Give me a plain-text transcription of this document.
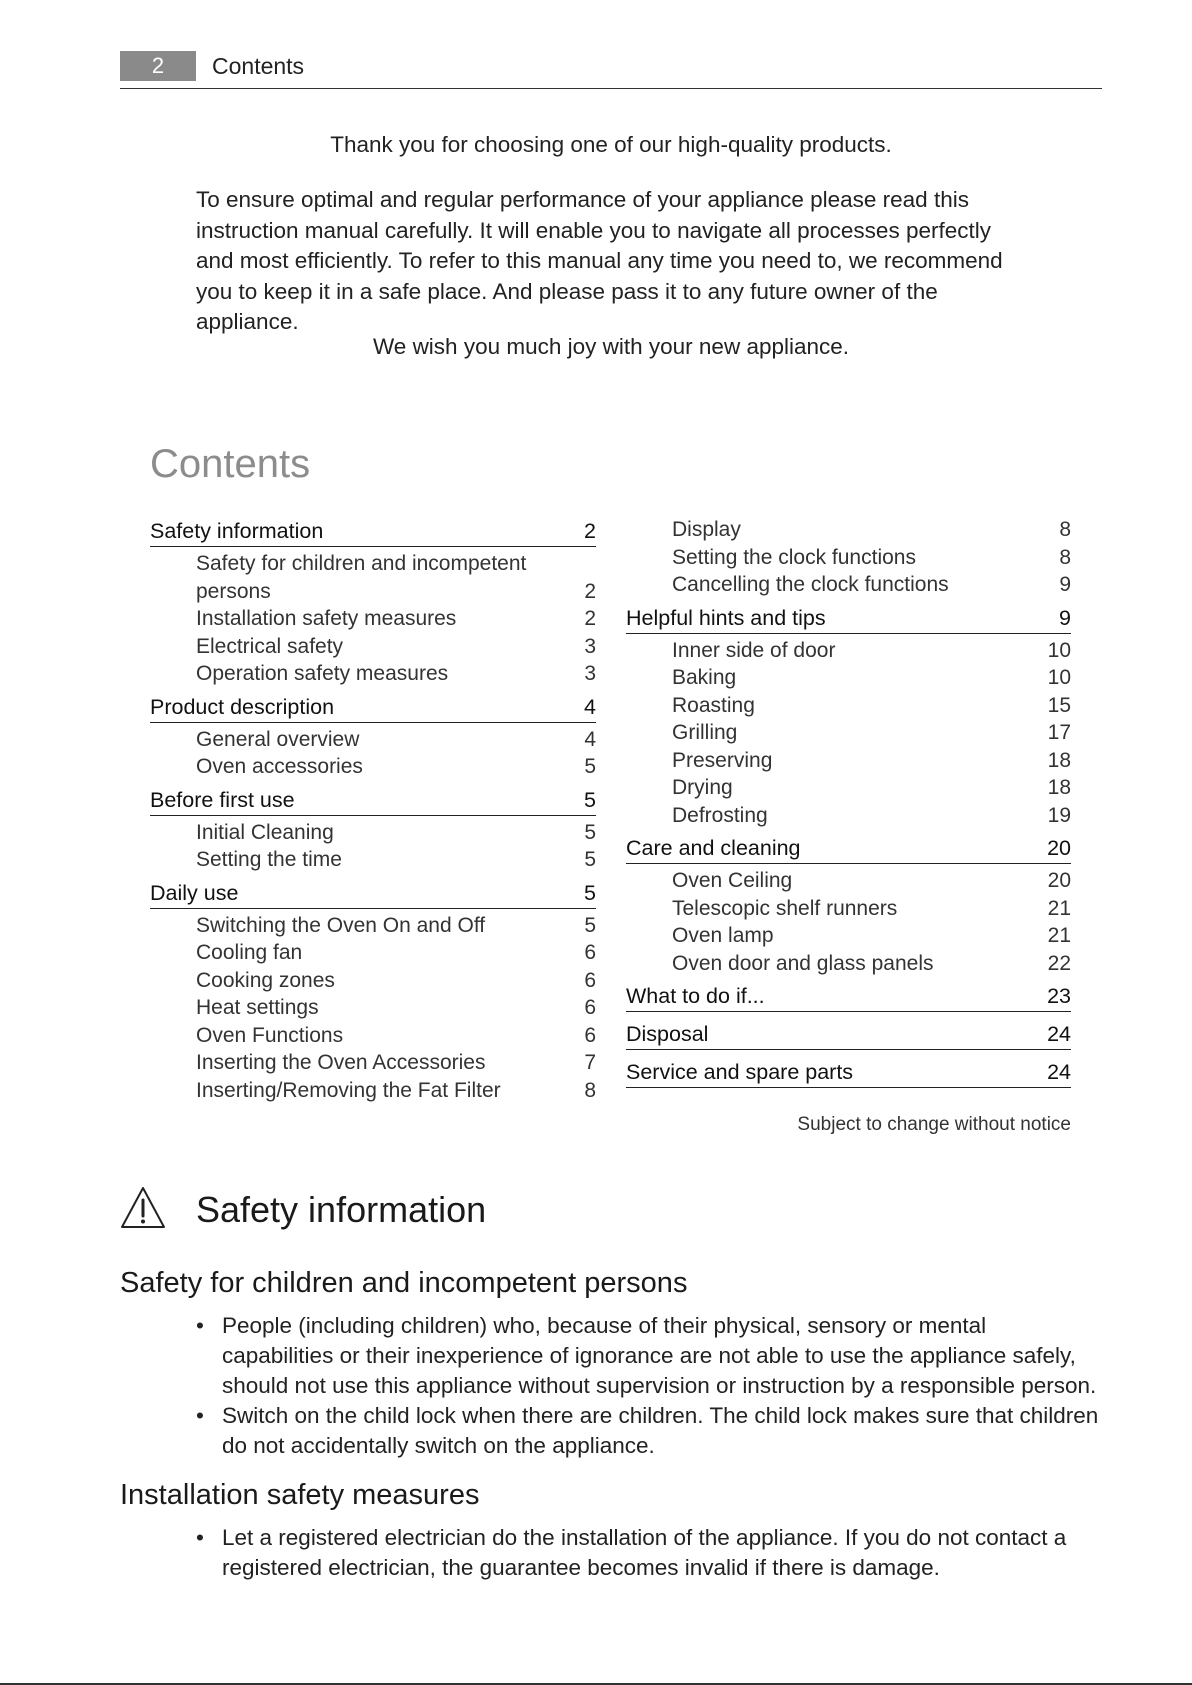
2	Contents
Thank you for choosing one of our high-quality products.
To ensure optimal and regular performance of your appliance please read this
instruction manual carefully. It will enable you to navigate all processes perfectly
and most efficiently. To refer to this manual any time you need to, we recommend
you to keep it in a safe place. And please pass it to any future owner of the appliance.
We wish you much joy with your new appliance.
Contents
Safety information	2
Safety for children and incompetent persons	2
Installation safety measures	2
Electrical safety	3
Operation safety measures	3
Product description	4
General overview	4
Oven accessories	5
Before first use	5
Initial Cleaning	5
Setting the time	5
Daily use	5
Switching the Oven On and Off	5
Cooling fan	6
Cooking zones	6
Heat settings	6
Oven Functions	6
Inserting the Oven Accessories	7
Inserting/Removing the Fat Filter	8
Display	8
Setting the clock functions	8
Cancelling the clock functions	9
Helpful hints and tips	9
Inner side of door	10
Baking	10
Roasting	15
Grilling	17
Preserving	18
Drying	18
Defrosting	19
Care and cleaning	20
Oven Ceiling	20
Telescopic shelf runners	21
Oven lamp	21
Oven door and glass panels	22
What to do if...	23
Disposal	24
Service and spare parts	24
Subject to change without notice
Safety information
Safety for children and incompetent persons
• People (including children) who, because of their physical, sensory or mental capabilities or their inexperience of ignorance are not able to use the appliance safely, should not use this appliance without supervision or instruction by a responsible person.
• Switch on the child lock when there are children. The child lock makes sure that children do not accidentally switch on the appliance.
Installation safety measures
• Let a registered electrician do the installation of the appliance. If you do not contact a registered electrician, the guarantee becomes invalid if there is damage.
